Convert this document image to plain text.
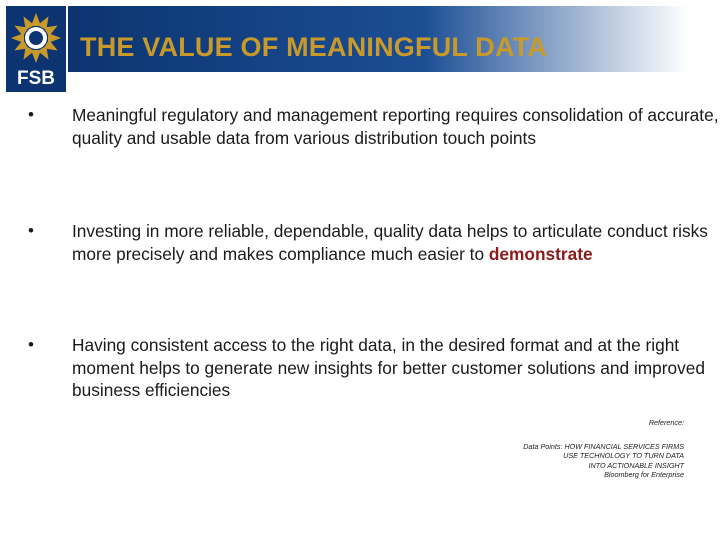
FSB
THE VALUE OF MEANINGFUL DATA
• Meaningful regulatory and management reporting requires consolidation of accurate, quality and usable data from various distribution touch points
• Investing in more reliable, dependable, quality data helps to articulate conduct risks more precisely and makes compliance much easier to demonstrate
• Having consistent access to the right data, in the desired format and at the right moment helps to generate new insights for better customer solutions and improved business efficiencies
Reference:
Data Points: HOW FINANCIAL SERVICES FIRMS
USE TECHNOLOGY TO TURN DATA
INTO ACTIONABLE INSIGHT
Bloomberg for Enterprise
